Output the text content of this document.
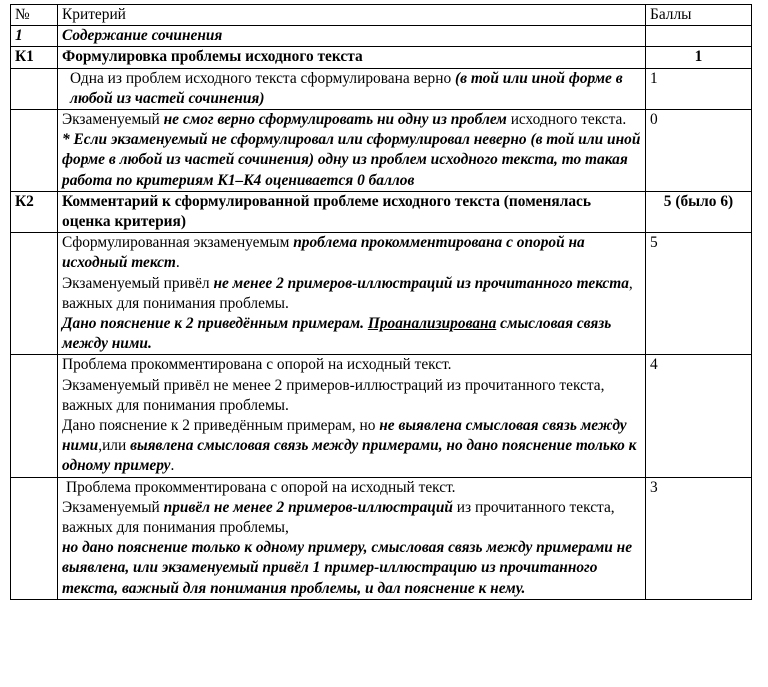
№	Критерий	Баллы
1	Содержание сочинения	
К1	Формулировка проблемы исходного текста	1
	Одна из проблем исходного текста сформулирована верно (в той или иной форме в любой из частей сочинения)	1

	Экзаменуемый не смог верно сформулировать ни одну из проблем исходного текста.

* Если экзаменуемый не сформулировал или сформулировал неверно (в той или иной форме в любой из частей сочинения) одну из проблем исходного текста, то такая работа по критериям К1–К4 оценивается 0 баллов	0
К2	Комментарий к сформулированной проблеме исходного текста (поменялась оценка критерия)	5 (было 6)

	Сформулированная экзаменуемым проблема прокомментирована с опорой на исходный текст.

Экзаменуемый привёл не менее 2 примеров-иллюстраций из прочитанного текста, важных для понимания проблемы.

Дано пояснение к 2 приведённым примерам. Проанализирована смысловая связь между ними.	5

	Проблема прокомментирована с опорой на исходный текст.

Экзаменуемый привёл не менее 2 примеров-иллюстраций из прочитанного текста, важных для понимания проблемы.

Дано пояснение к 2 приведённым примерам, но не выявлена смысловая связь между ними,или выявлена смысловая связь между примерами, но дано пояснение только к одному примеру.	4

	Проблема прокомментирована с опорой на исходный текст.

Экзаменуемый привёл не менее 2 примеров-иллюстраций из прочитанного текста, важных для понимания проблемы,

но дано пояснение только к одному примеру, смысловая связь между примерами не выявлена, или экзаменуемый привёл 1 пример-иллюстрацию из прочитанного текста, важный для понимания проблемы, и дал пояснение к нему.	3
